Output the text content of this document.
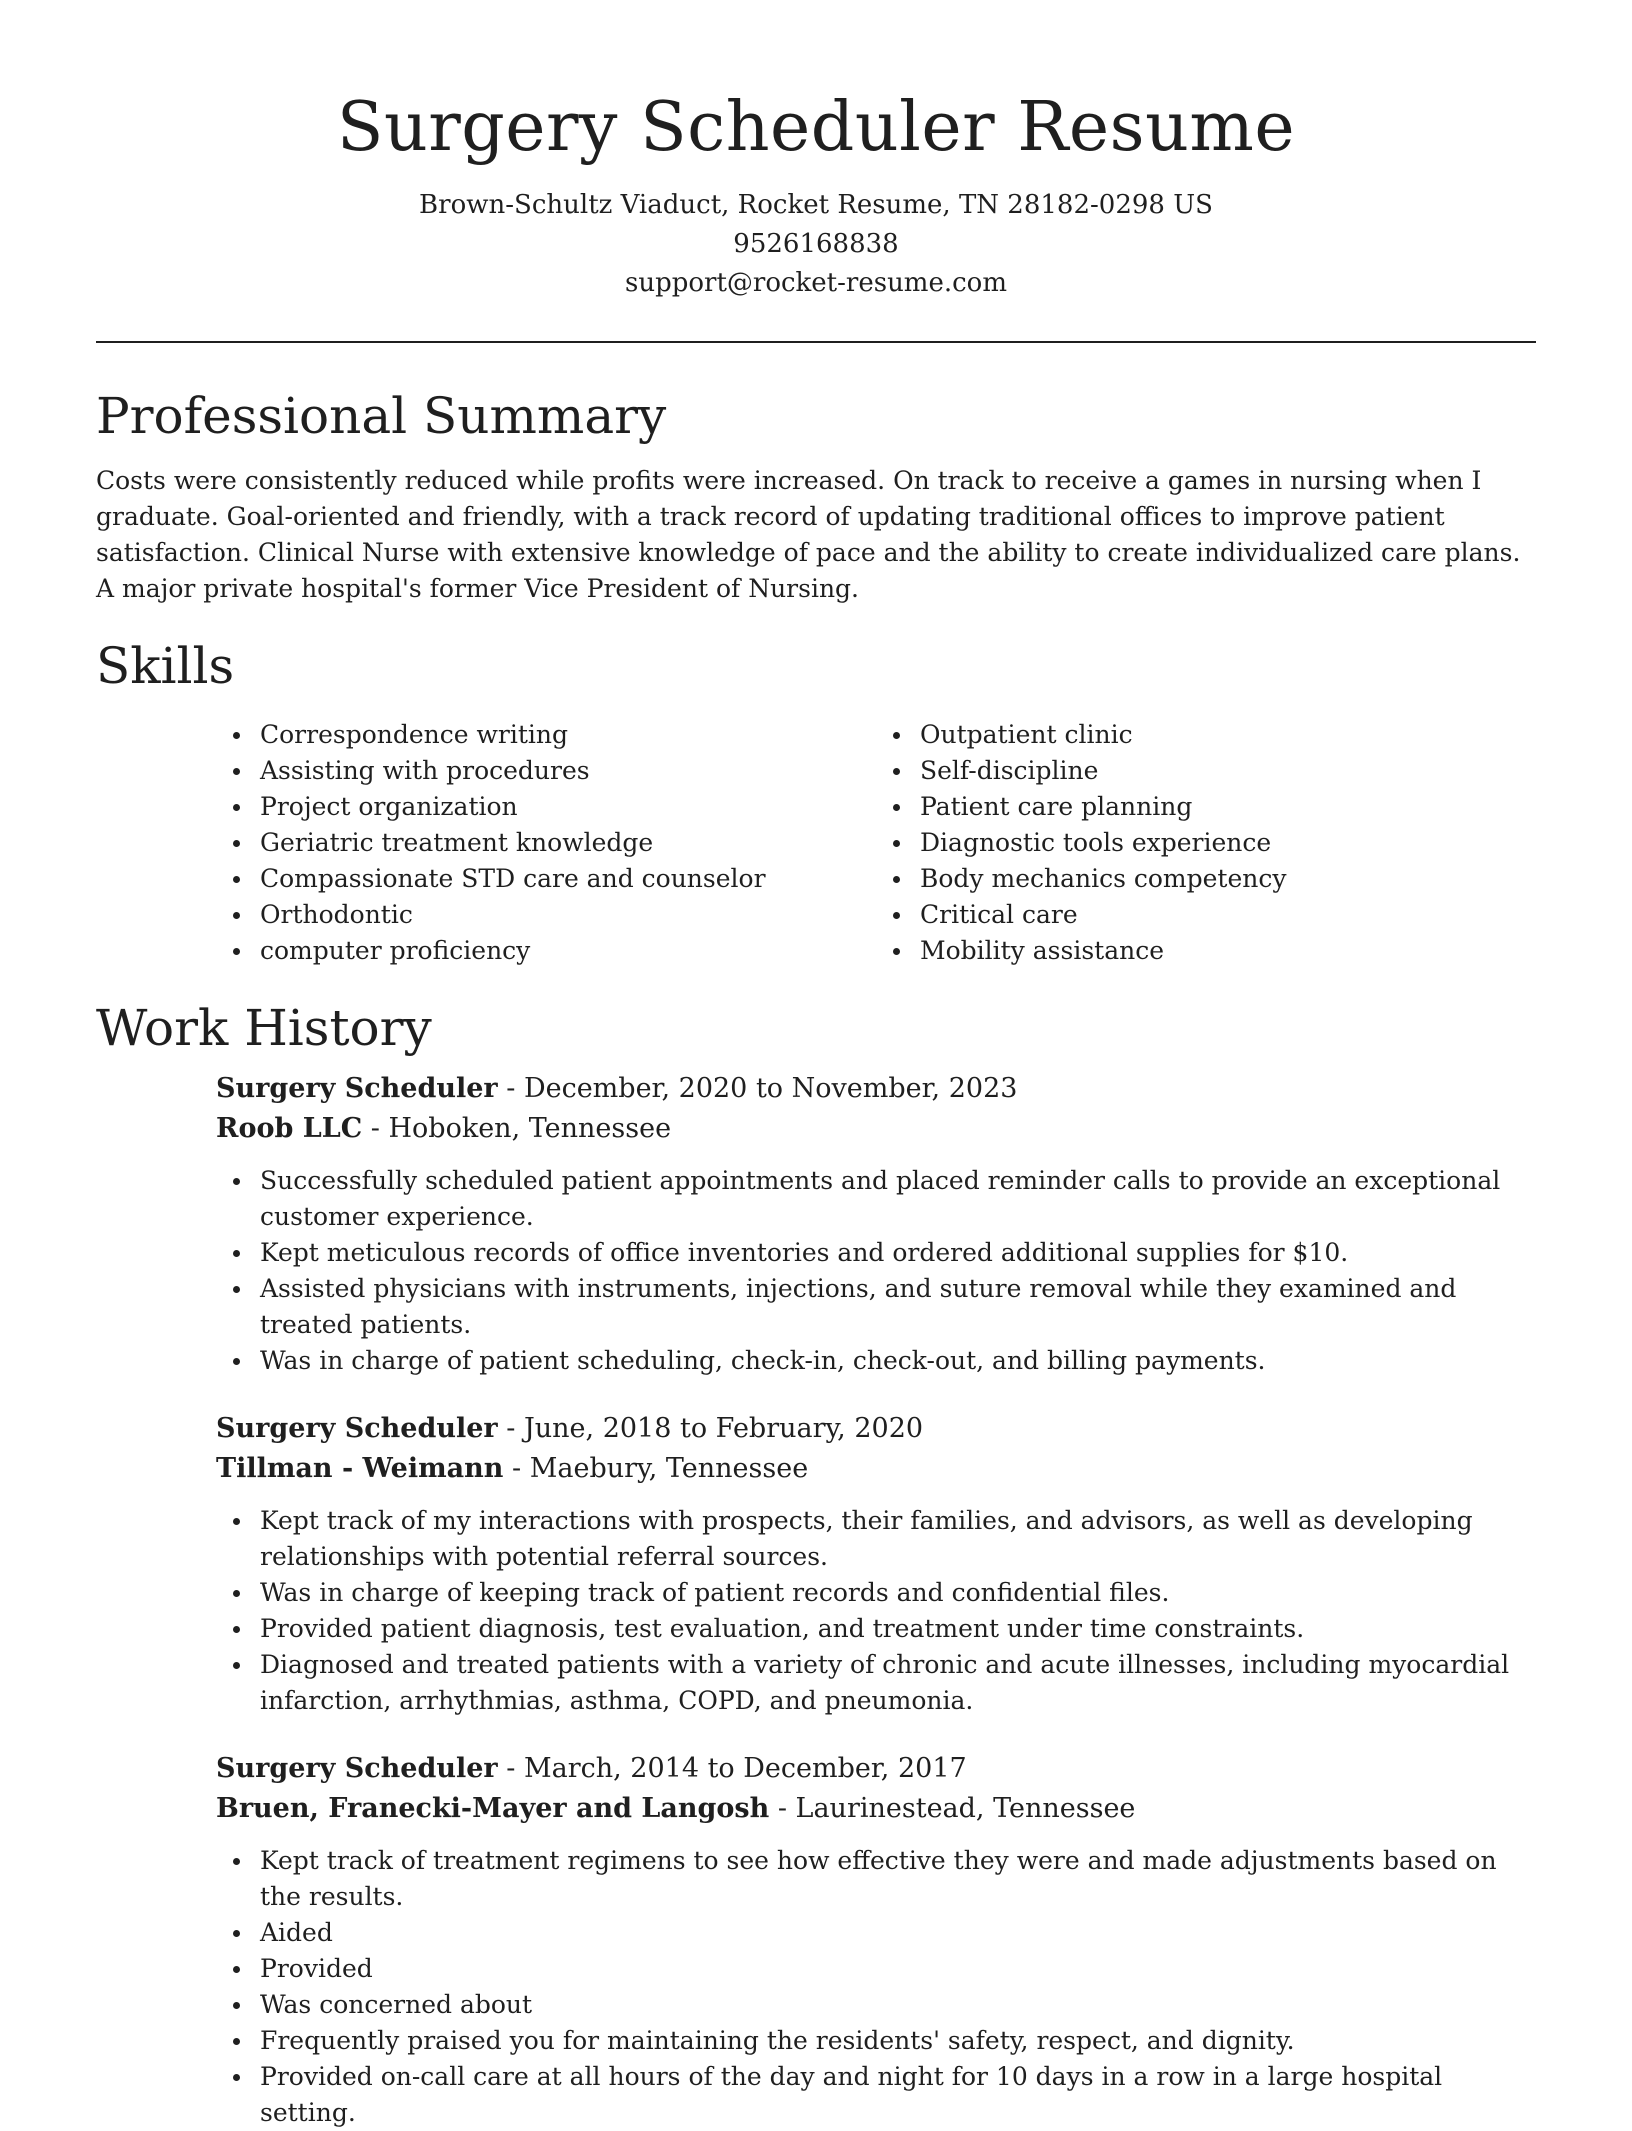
Surgery Scheduler Resume
Brown-Schultz Viaduct, Rocket Resume, TN 28182-0298 US
9526168838
support@rocket-resume.com
Professional Summary

Costs were consistently reduced while profits were increased. On track to receive a games in nursing when I graduate. Goal-oriented and friendly, with a track record of updating traditional offices to improve patient satisfaction. Clinical Nurse with extensive knowledge of pace and the ability to create individualized care plans. A major private hospital's former Vice President of Nursing.

Skills
Correspondence writing
Assisting with procedures
Project organization
Geriatric treatment knowledge
Compassionate STD care and counselor
Orthodontic
computer proficiency
Outpatient clinic
Self-discipline
Patient care planning
Diagnostic tools experience
Body mechanics competency
Critical care
Mobility assistance
Work History
Surgery Scheduler - December, 2020 to November, 2023
Roob LLC - Hoboken, Tennessee
Successfully scheduled patient appointments and placed reminder calls to provide an exceptional customer experience.
Kept meticulous records of office inventories and ordered additional supplies for $10.
Assisted physicians with instruments, injections, and suture removal while they examined and treated patients.
Was in charge of patient scheduling, check-in, check-out, and billing payments.
Surgery Scheduler - June, 2018 to February, 2020
Tillman - Weimann - Maebury, Tennessee
Kept track of my interactions with prospects, their families, and advisors, as well as developing relationships with potential referral sources.
Was in charge of keeping track of patient records and confidential files.
Provided patient diagnosis, test evaluation, and treatment under time constraints.
Diagnosed and treated patients with a variety of chronic and acute illnesses, including myocardial infarction, arrhythmias, asthma, COPD, and pneumonia.
Surgery Scheduler - March, 2014 to December, 2017
Bruen, Franecki-Mayer and Langosh - Laurinestead, Tennessee
Kept track of treatment regimens to see how effective they were and made adjustments based on the results.
Aided
Provided
Was concerned about
Frequently praised you for maintaining the residents' safety, respect, and dignity.
Provided on-call care at all hours of the day and night for 10 days in a row in a large hospital setting.
